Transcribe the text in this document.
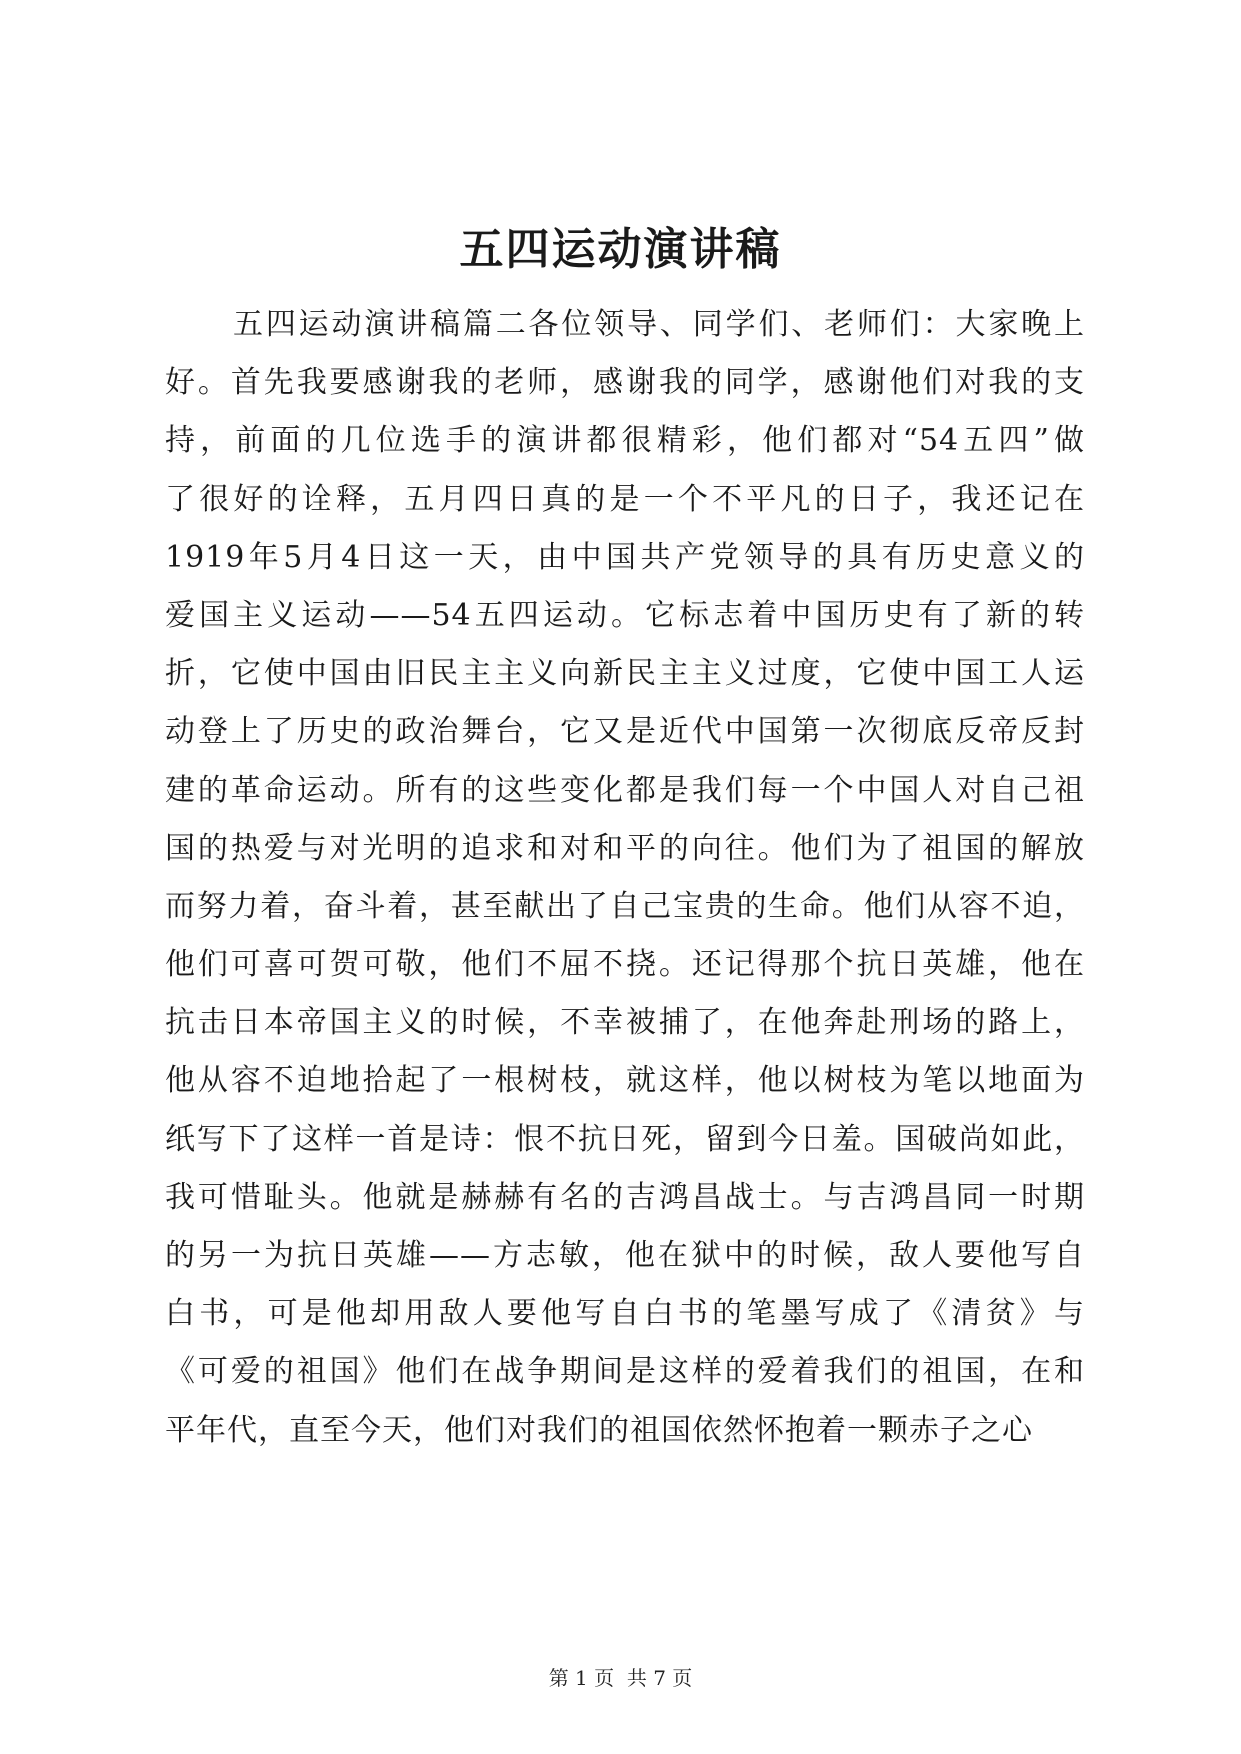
五四运动演讲稿
五四运动演讲稿篇二各位领导、同学们、老师们：大家晚上
好。首先我要感谢我的老师，感谢我的同学，感谢他们对我的支
持，前面的几位选手的演讲都很精彩，他们都对“54五四”做
了很好的诠释，五月四日真的是一个不平凡的日子，我还记在
1919年5月4日这一天，由中国共产党领导的具有历史意义的
爱国主义运动——54五四运动。它标志着中国历史有了新的转
折，它使中国由旧民主主义向新民主主义过度，它使中国工人运
动登上了历史的政治舞台，它又是近代中国第一次彻底反帝反封
建的革命运动。所有的这些变化都是我们每一个中国人对自己祖
国的热爱与对光明的追求和对和平的向往。他们为了祖国的解放
而努力着，奋斗着，甚至献出了自己宝贵的生命。他们从容不迫，
他们可喜可贺可敬，他们不屈不挠。还记得那个抗日英雄，他在
抗击日本帝国主义的时候，不幸被捕了，在他奔赴刑场的路上，
他从容不迫地拾起了一根树枝，就这样，他以树枝为笔以地面为
纸写下了这样一首是诗：恨不抗日死，留到今日羞。国破尚如此，
我可惜耻头。他就是赫赫有名的吉鸿昌战士。与吉鸿昌同一时期
的另一为抗日英雄——方志敏，他在狱中的时候，敌人要他写自
白书，可是他却用敌人要他写自白书的笔墨写成了《清贫》与
《可爱的祖国》他们在战争期间是这样的爱着我们的祖国，在和
平年代，直至今天，他们对我们的祖国依然怀抱着一颗赤子之心
第 1 页  共 7 页
